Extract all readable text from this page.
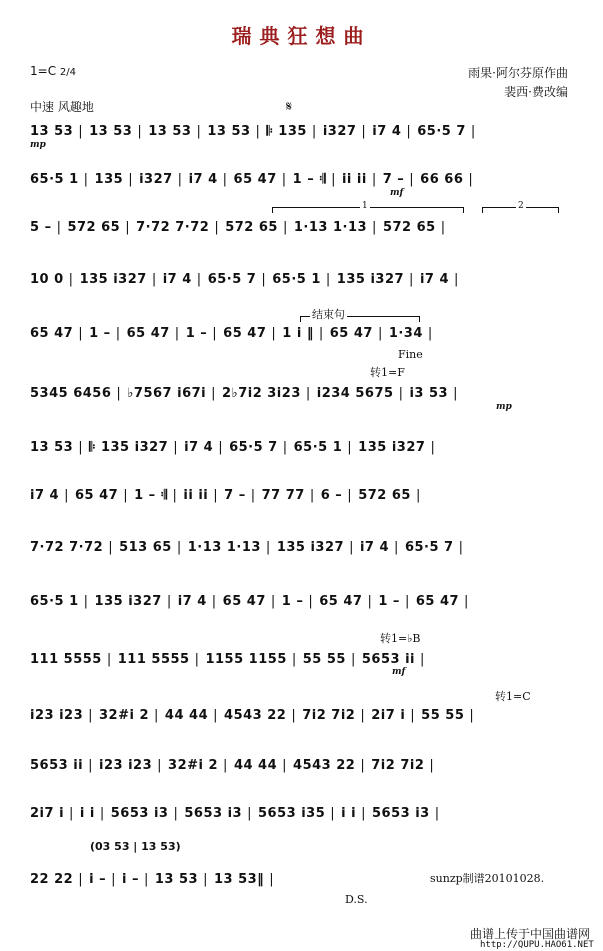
瑞典狂想曲
1=C 2/4	雨果·阿尔芬原作曲
裴西·费改编
中速 风趣地	𝄋
13 53 | 13 53 | 13 53 | 13 53 | 𝄆 135 | i327 | i7 4 | 65·5 7 |
65·5 1 | 135 | i327 | i7 4 | 65 47 | 1 – 𝄇 | ii ii | 7 – | 66 66 |
5 – | 572 65 | 7·72 7·72 | 572 65 | 1·13 1·13 | 572 65 |
10 0 | 135 i327 | i7 4 | 65·5 7 | 65·5 1 | 135 i327 | i7 4 |
65 47 | 1 – | 65 47 | 1 – | 65 47 | 1 i ‖ | 65 47 | 1·34 |
5345 6456 | ♭7567 i67i | 2♭7i2 3i23 | i234 5675 | i3 53 |
13 53 | 𝄆 135 i327 | i7 4 | 65·5 7 | 65·5 1 | 135 i327 |
i7 4 | 65 47 | 1 – 𝄇 | ii ii | 7 – | 77 77 | 6 – | 572 65 |
7·72 7·72 | 513 65 | 1·13 1·13 | 135 i327 | i7 4 | 65·5 7 |
65·5 1 | 135 i327 | i7 4 | 65 47 | 1 – | 65 47 | 1 – | 65 47 |
111 5555 | 111 5555 | 1155 1155 | 55 55 | 5653 ii |
i23 i23 | 32#i 2 | 44 44 | 4543 22 | 7i2 7i2 | 2i7 i | 55 55 |
5653 ii | i23 i23 | 32#i 2 | 44 44 | 4543 22 | 7i2 7i2 |
2i7 i | i i | 5653 i3 | 5653 i3 | 5653 i35 | i i | 5653 i3 |
22 22 | i – | i – | 13 53 | 13 53‖ |
mp
mf
1	2
结束句
Fine
转1=F
mp
转1=♭B
mf
转1=C
(03 53 | 13 53)
sunzp制谱20101028.
D.S.
曲谱上传于中国曲谱网
http://QUPU.HAO61.NET
